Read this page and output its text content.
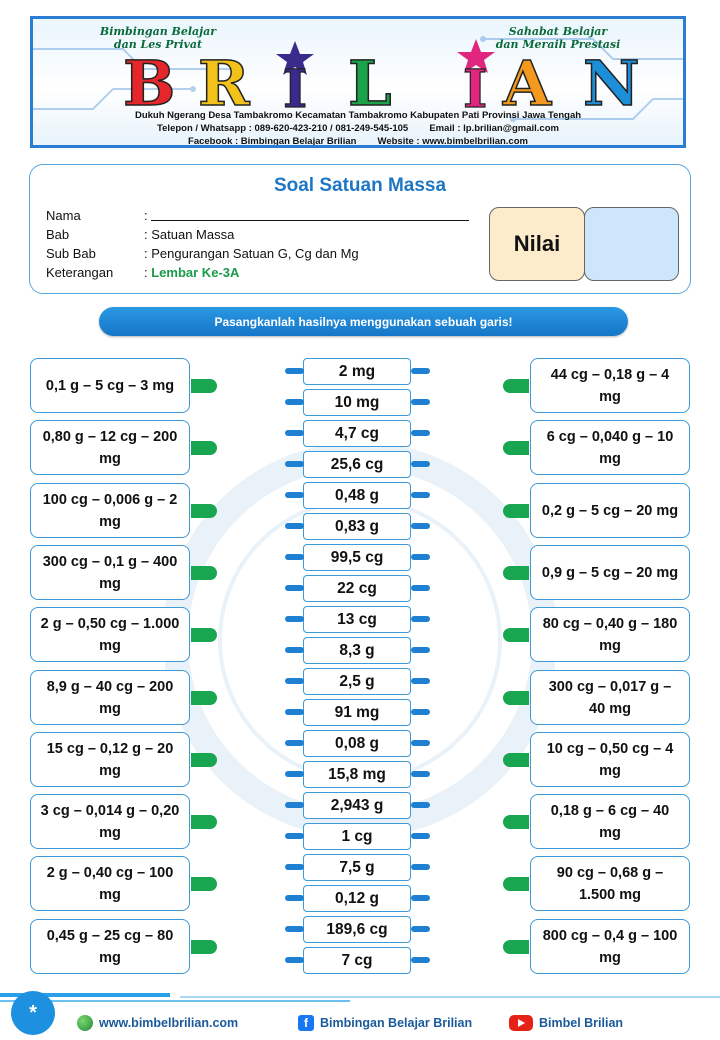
Bimbingan Belajar
dan Les Privat
Sahabat Belajar
dan Meraih Prestasi
B R I L I A N
Dukuh Ngerang Desa Tambakromo Kecamatan Tambakromo Kabupaten Pati Provinsi Jawa Tengah
Telepon / Whatsapp : 089-620-423-210 / 081-249-545-105        Email : lp.brilian@gmail.com
Facebook : Bimbingan Belajar Brilian        Website : www.bimbelbrilian.com
Soal Satuan Massa
Nama	:
Bab	: Satuan Massa
Sub Bab	: Pengurangan Satuan G, Cg dan Mg
Keterangan	: Lembar Ke-3A
Nilai
Pasangkanlah hasilnya menggunakan sebuah garis!
*	www.bimbelbrilian.com	f Bimbingan Belajar Brilian	Bimbel Brilian
0,1 g – 5 cg – 3 mg
44 cg – 0,18 g – 4 mg
0,80 g – 12 cg – 200 mg
6 cg – 0,040 g – 10 mg
100 cg – 0,006 g – 2 mg
0,2 g – 5 cg – 20 mg
300 cg – 0,1 g – 400 mg
0,9 g – 5 cg – 20 mg
2 g – 0,50 cg – 1.000 mg
80 cg – 0,40 g – 180 mg
8,9 g – 40 cg – 200 mg
300 cg – 0,017 g – 40 mg
15 cg – 0,12 g – 20 mg
10 cg – 0,50 cg – 4 mg
3 cg – 0,014 g – 0,20 mg
0,18 g – 6 cg – 40 mg
2 g – 0,40 cg – 100 mg
90 cg – 0,68 g – 1.500 mg
0,45 g – 25 cg – 80 mg
800 cg – 0,4 g – 100 mg
2 mg
10 mg
4,7 cg
25,6 cg
0,48 g
0,83 g
99,5 cg
22 cg
13 cg
8,3 g
2,5 g
91 mg
0,08 g
15,8 mg
2,943 g
1 cg
7,5 g
0,12 g
189,6 cg
7 cg
